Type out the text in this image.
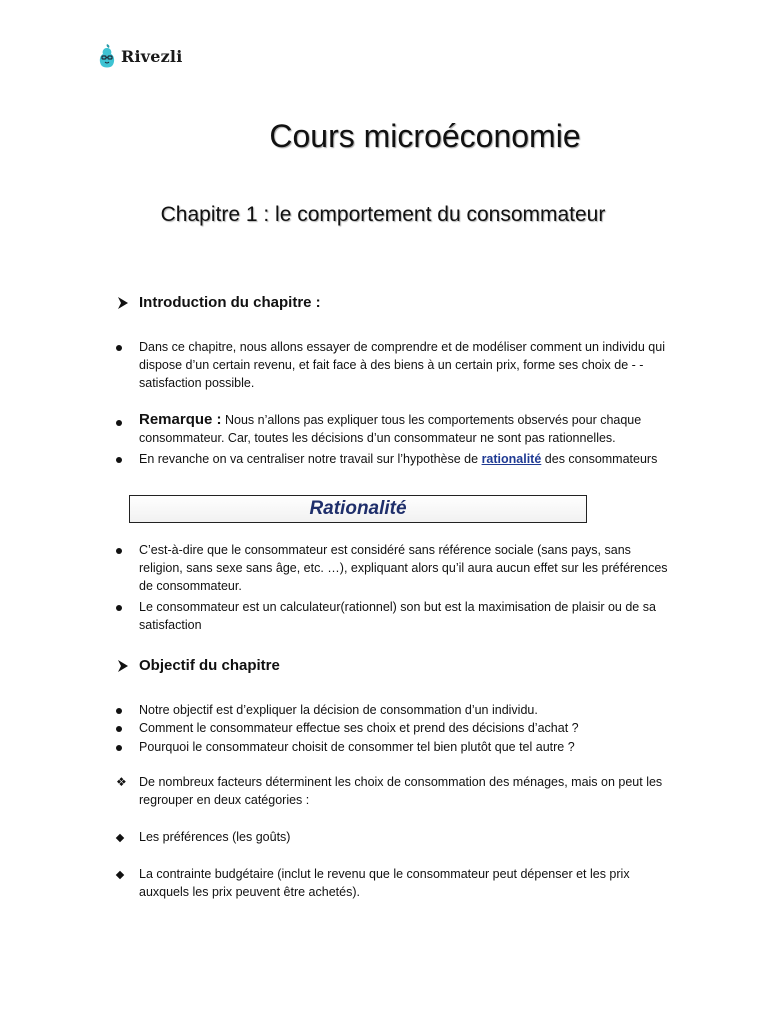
Rivezli
Cours microéconomie
Chapitre 1 : le comportement du consommateur
Introduction du chapitre :
Dans ce chapitre, nous allons essayer de comprendre et de modéliser comment un individu qui dispose d’un certain revenu, et fait face à des biens à un certain prix, forme ses choix de - -satisfaction possible.
Remarque : Nous n’allons pas expliquer tous les comportements observés pour chaque consommateur. Car, toutes les décisions d’un consommateur ne sont pas rationnelles.
En revanche on va centraliser notre travail sur l’hypothèse de rationalité des consommateurs
Rationalité
C’est-à-dire que le consommateur est considéré sans référence sociale (sans pays, sans religion, sans sexe sans âge, etc. …), expliquant alors qu’il aura aucun effet sur les préférences de consommateur.
Le consommateur est un calculateur(rationnel) son but est la maximisation de plaisir ou de sa satisfaction
Objectif du chapitre
Notre objectif est d’expliquer la décision de consommation d’un individu.
Comment le consommateur effectue ses choix et prend des décisions d’achat ?
Pourquoi le consommateur choisit de consommer tel bien plutôt que tel autre ?
❖ De nombreux facteurs déterminent les choix de consommation des ménages, mais on peut les regrouper en deux catégories :
Les préférences (les goûts)
La contrainte budgétaire (inclut le revenu que le consommateur peut dépenser et les prix auxquels les prix peuvent être achetés).
